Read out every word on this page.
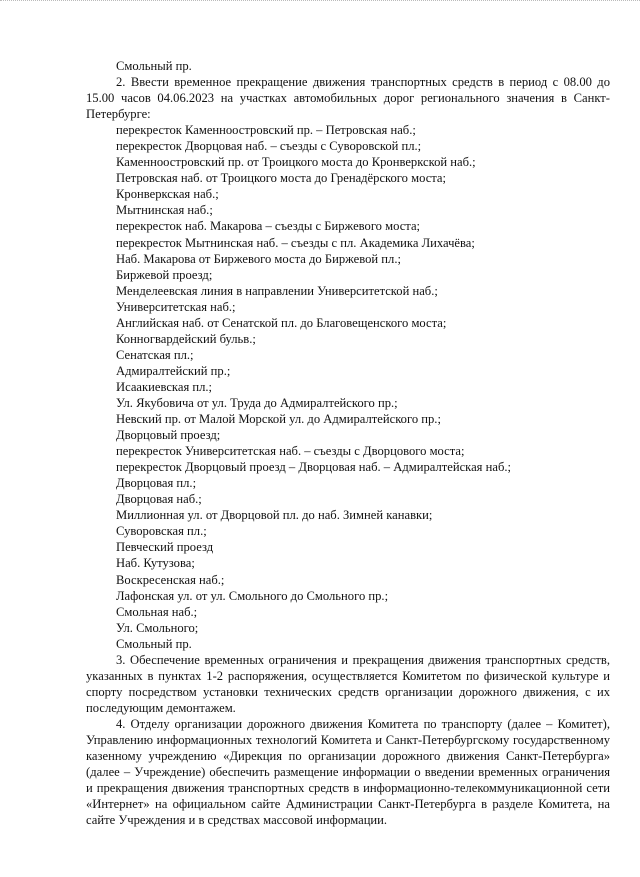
Смольный пр.

2. Ввести временное прекращение движения транспортных средств в период с 08.00 до 15.00 часов 04.06.2023 на участках автомобильных дорог регионального значения в Санкт-Петербурге:

перекресток Каменноостровский пр. – Петровская наб.;
перекресток Дворцовая наб. – съезды с Суворовской пл.;
Каменноостровский пр. от Троицкого моста до Кронверкской наб.;
Петровская наб. от Троицкого моста до Гренадёрского моста;
Кронверкская наб.;
Мытнинская наб.;
перекресток наб. Макарова – съезды с Биржевого моста;
перекресток Мытнинская наб. – съезды с пл. Академика Лихачёва;
Наб. Макарова от Биржевого моста до Биржевой пл.;
Биржевой проезд;
Менделеевская линия в направлении Университетской наб.;
Университетская наб.;
Английская наб. от Сенатской пл. до Благовещенского моста;
Конногвардейский бульв.;
Сенатская пл.;
Адмиралтейский пр.;
Исаакиевская пл.;
Ул. Якубовича от ул. Труда до Адмиралтейского пр.;
Невский пр. от Малой Морской ул. до Адмиралтейского пр.;
Дворцовый проезд;
перекресток Университетская наб. – съезды с Дворцового моста;
перекресток Дворцовый проезд – Дворцовая наб. – Адмиралтейская наб.;
Дворцовая пл.;
Дворцовая наб.;
Миллионная ул. от Дворцовой пл. до наб. Зимней канавки;
Суворовская пл.;
Певческий проезд
Наб. Кутузова;
Воскресенская наб.;
Лафонская ул. от ул. Смольного до Смольного пр.;
Смольная наб.;
Ул. Смольного;
Смольный пр.

3. Обеспечение временных ограничения и прекращения движения транспортных средств, указанных в пунктах 1-2 распоряжения, осуществляется Комитетом по физической культуре и спорту посредством установки технических средств организации дорожного движения, с их последующим демонтажем.

4. Отделу организации дорожного движения Комитета по транспорту (далее – Комитет), Управлению информационных технологий Комитета и Санкт-Петербургскому государственному казенному учреждению «Дирекция по организации дорожного движения Санкт-Петербурга» (далее – Учреждение) обеспечить размещение информации о введении временных ограничения и прекращения движения транспортных средств в информационно-телекоммуникационной сети «Интернет» на официальном сайте Администрации Санкт-Петербурга в разделе Комитета, на сайте Учреждения и в средствах массовой информации.
